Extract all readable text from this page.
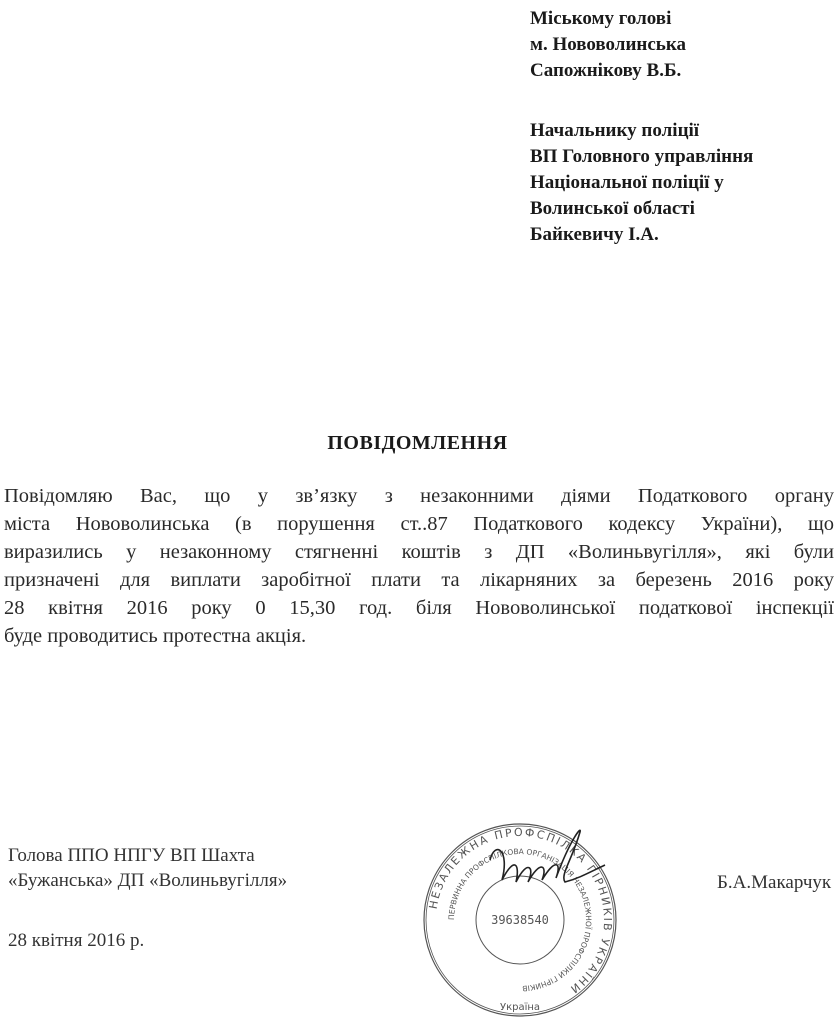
Міському голові
м. Нововолинська
Сапожнікову В.Б.
Начальнику поліції
ВП Головного управління
Національної поліції у
Волинської області
Байкевичу І.А.
ПОВІДОМЛЕННЯ
Повідомляю Вас, що у зв’язку з незаконними діями Податкового органу
міста Нововолинська (в порушення ст..87 Податкового кодексу України), що
виразились у незаконному стягненні коштів з ДП «Волиньвугілля», які були
призначені для виплати заробітної плати та лікарняних за березень 2016 року
28 квітня 2016 року 0 15,30 год. біля Нововолинської податкової інспекції
буде проводитись протестна акція.
Голова ППО НПГУ ВП Шахта
«Бужанська» ДП «Волиньвугілля»
28 квітня 2016 р.
Б.А.Макарчук
НЕЗАЛЕЖНА ПРОФСПІЛКА ГІРНИКІВ УКРАЇНИ
ПЕРВИННА ПРОФСПІЛКОВА ОРГАНІЗАЦІЯ НЕЗАЛЕЖНОЇ ПРОФСПІЛКИ ГІРНИКІВ
39638540
Україна
